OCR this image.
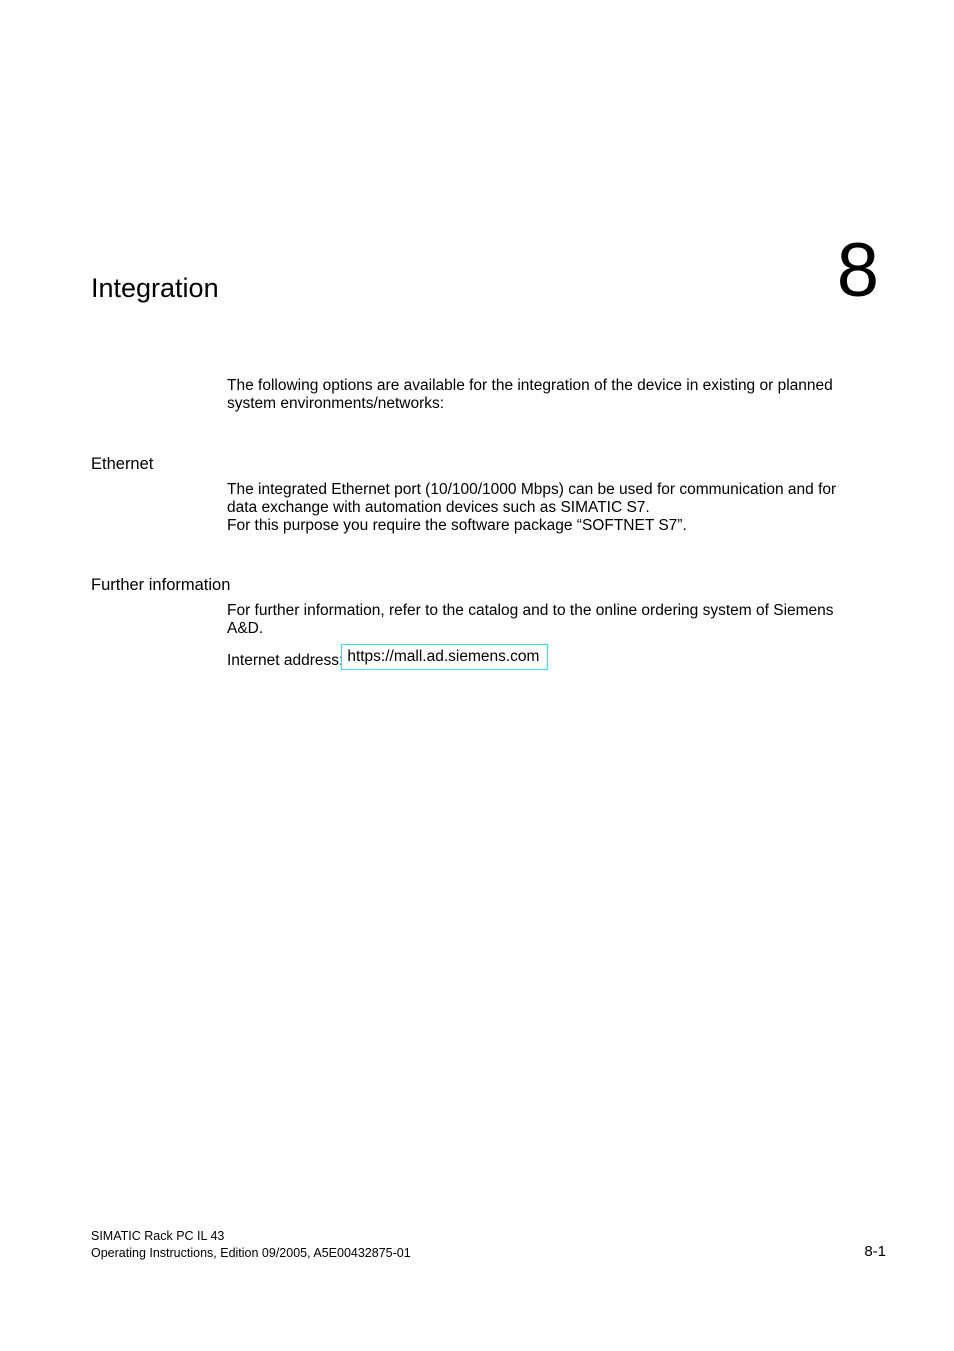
Integration	8

The following options are available for the integration of the device in existing or planned system environments/networks:

Ethernet
The integrated Ethernet port (10/100/1000 Mbps) can be used for communication and for data exchange with automation devices such as SIMATIC S7.
For this purpose you require the software package “SOFTNET S7”.
Further information

For further information, refer to the catalog and to the online ordering system of Siemens A&D.

Internet address: https://mall.ad.siemens.com
SIMATIC Rack PC IL 43
Operating Instructions, Edition 09/2005, A5E00432875-01	8-1
